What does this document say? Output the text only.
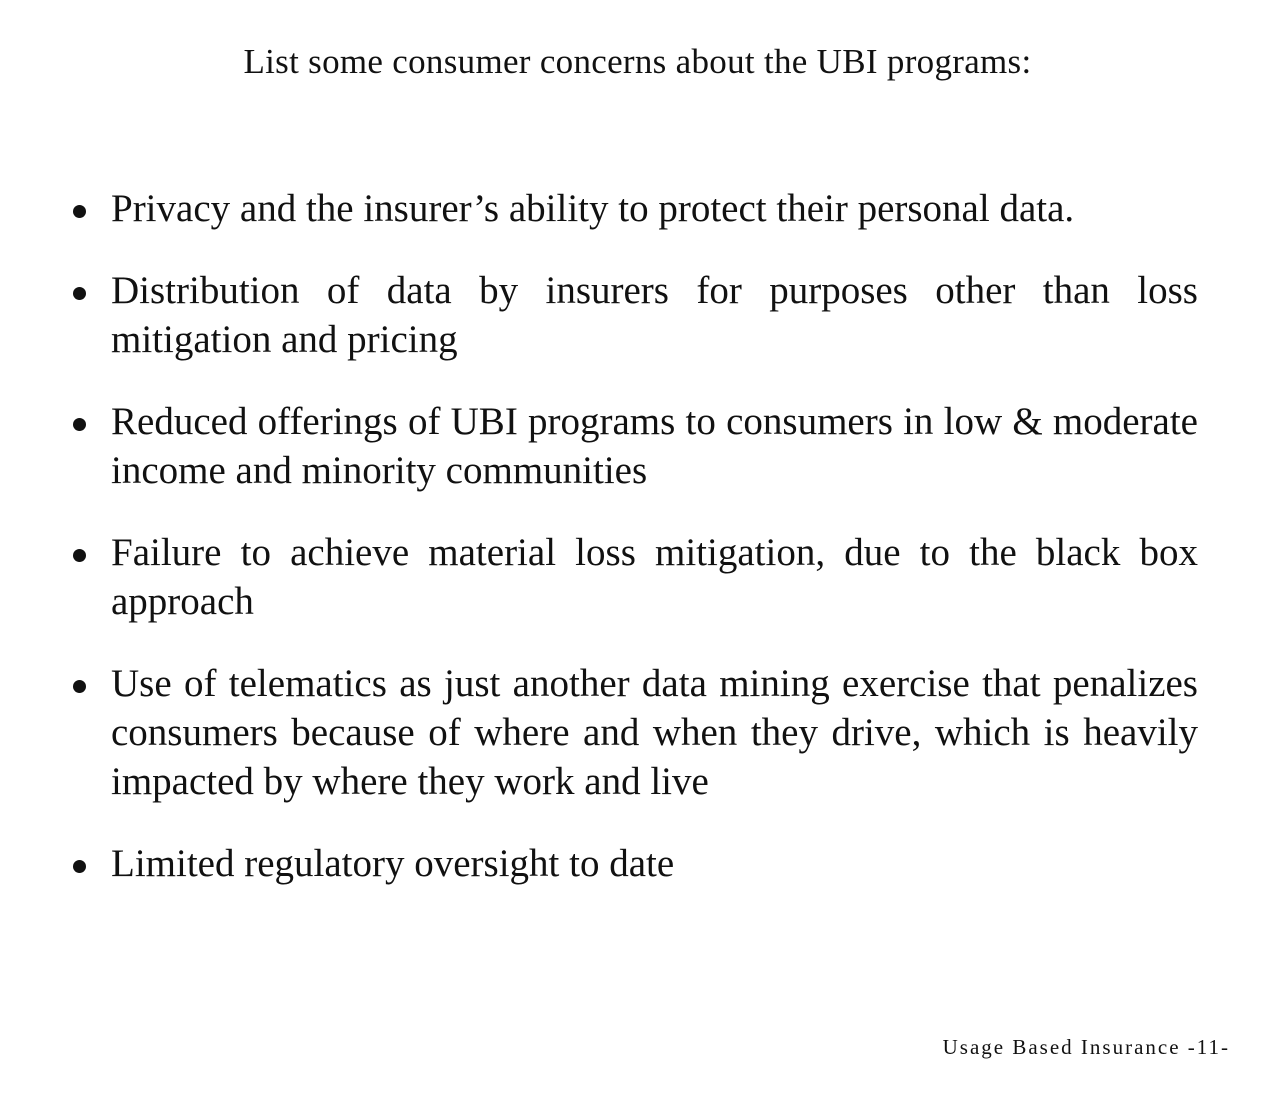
List some consumer concerns about the UBI programs:
Privacy and the insurer’s ability to protect their personal data.
Distribution of data by insurers for purposes other than loss mitigation and pricing
Reduced offerings of UBI programs to consumers in low & moderate income and minority communities
Failure to achieve material loss mitigation, due to the black box approach
Use of telematics as just another data mining exercise that penalizes consumers because of where and when they drive, which is heavily impacted by where they work and live
Limited regulatory oversight to date
Usage Based Insurance -11-
